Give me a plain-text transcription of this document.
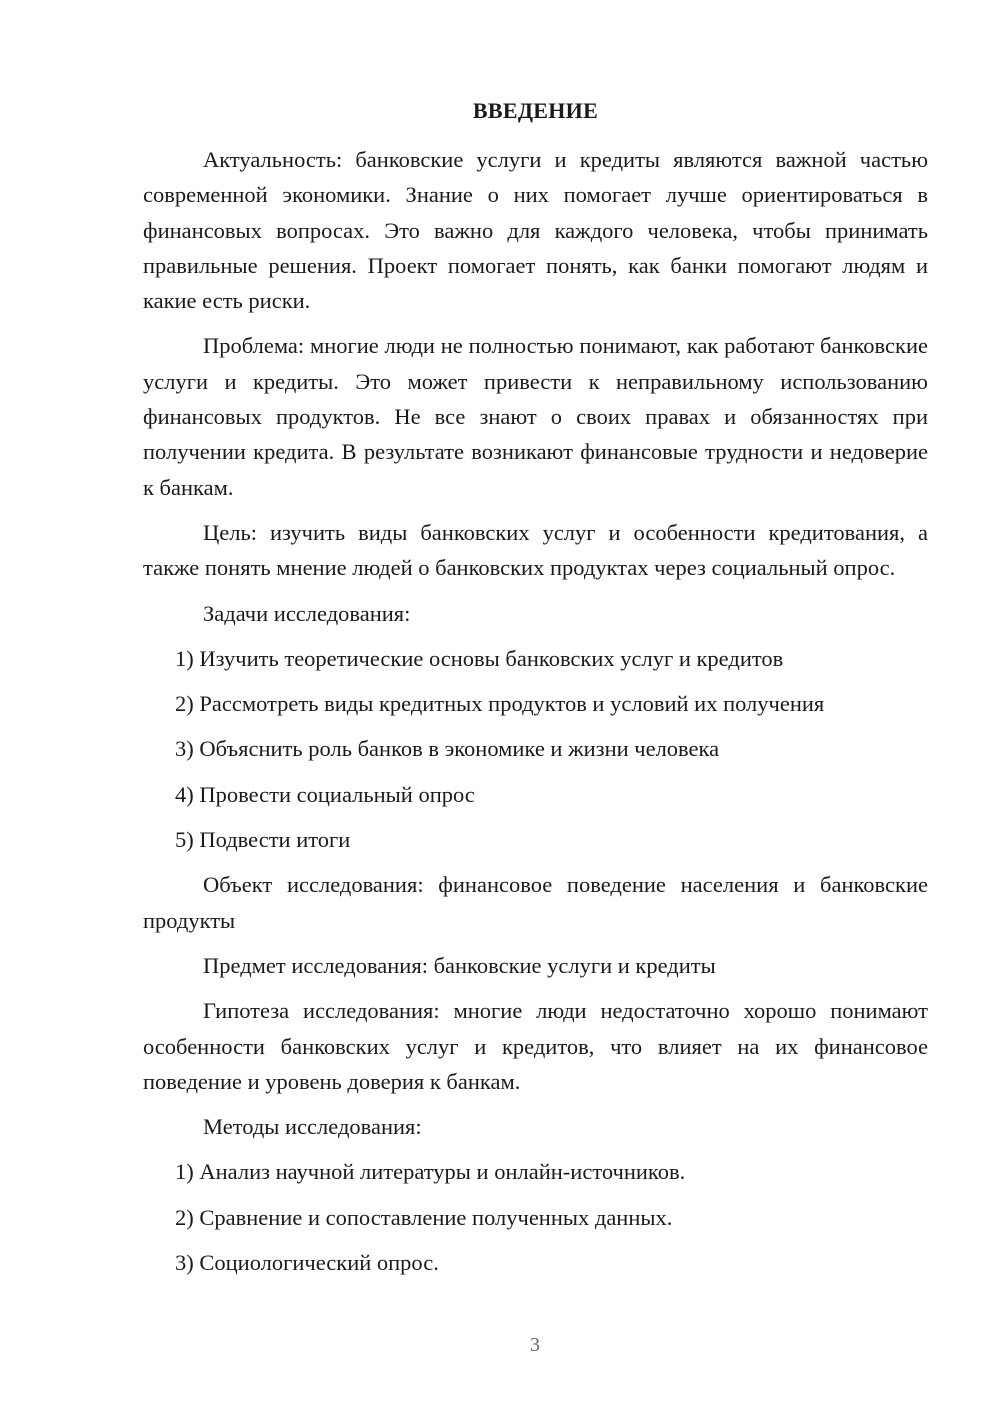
ВВЕДЕНИЕ

Актуальность: банковские услуги и кредиты являются важной частью современной экономики. Знание о них помогает лучше ориентироваться в финансовых вопросах. Это важно для каждого человека, чтобы принимать правильные решения. Проект помогает понять, как банки помогают людям и какие есть риски.

Проблема: многие люди не полностью понимают, как работают банковские услуги и кредиты. Это может привести к неправильному использованию финансовых продуктов. Не все знают о своих правах и обязанностях при получении кредита. В результате возникают финансовые трудности и недоверие к банкам.

Цель: изучить виды банковских услуг и особенности кредитования, а также понять мнение людей о банковских продуктах через социальный опрос.

Задачи исследования:

1) Изучить теоретические основы банковских услуг и кредитов
2) Рассмотреть виды кредитных продуктов и условий их получения
3) Объяснить роль банков в экономике и жизни человека
4) Провести социальный опрос
5) Подвести итоги

Объект исследования: финансовое поведение населения и банковские продукты

Предмет исследования: банковские услуги и кредиты

Гипотеза исследования: многие люди недостаточно хорошо понимают особенности банковских услуг и кредитов, что влияет на их финансовое поведение и уровень доверия к банкам.

Методы исследования:

1) Анализ научной литературы и онлайн-источников.
2) Сравнение и сопоставление полученных данных.
3) Социологический опрос.
3
